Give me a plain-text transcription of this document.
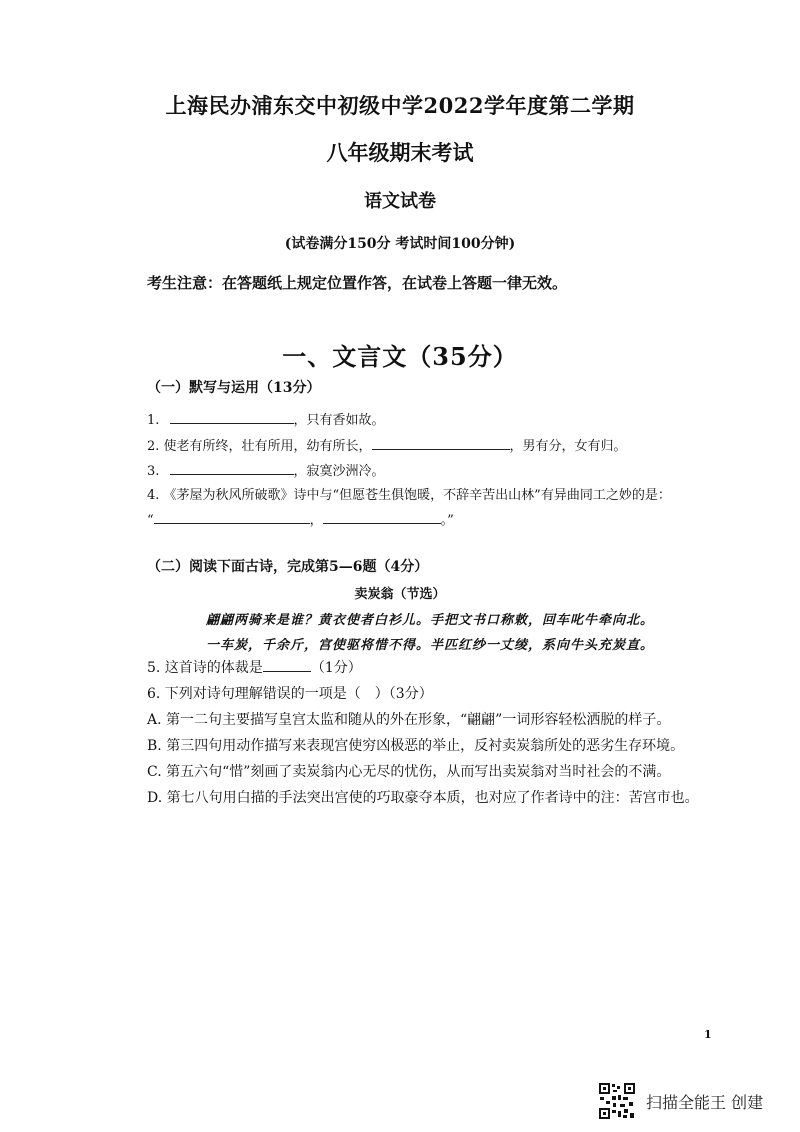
上海民办浦东交中初级中学2022学年度第二学期
八年级期末考试
语文试卷
(试卷满分150分 考试时间100分钟)
考生注意：在答题纸上规定位置作答，在试卷上答题一律无效。
一、文言文（35分）
（一）默写与运用（13分）
1.	，只有香如故。
2. 使老有所终，壮有所用，幼有所长，	，男有分，女有归。
3.	，寂寞沙洲冷。
4. 《茅屋为秋风所破歌》诗中与“但愿苍生俱饱暖，不辞辛苦出山林”有异曲同工之妙的是：
“	，	。”
（二）阅读下面古诗，完成第5—6题（4分）
卖炭翁（节选）
翩翩两骑来是谁？黄衣使者白衫儿。手把文书口称敕，回车叱牛牵向北。
一车炭，千余斤，宫使驱将惜不得。半匹红纱一丈绫，系向牛头充炭直。
5. 这首诗的体裁是	（1分）
6. 下列对诗句理解错误的一项是（　）（3分）
A. 第一二句主要描写皇宫太监和随从的外在形象，“翩翩”一词形容轻松洒脱的样子。
B. 第三四句用动作描写来表现宫使穷凶极恶的举止，反衬卖炭翁所处的恶劣生存环境。
C. 第五六句“惜”刻画了卖炭翁内心无尽的忧伤，从而写出卖炭翁对当时社会的不满。
D. 第七八句用白描的手法突出宫使的巧取豪夺本质，也对应了作者诗中的注：苦宫市也。
1
扫描全能王 创建
